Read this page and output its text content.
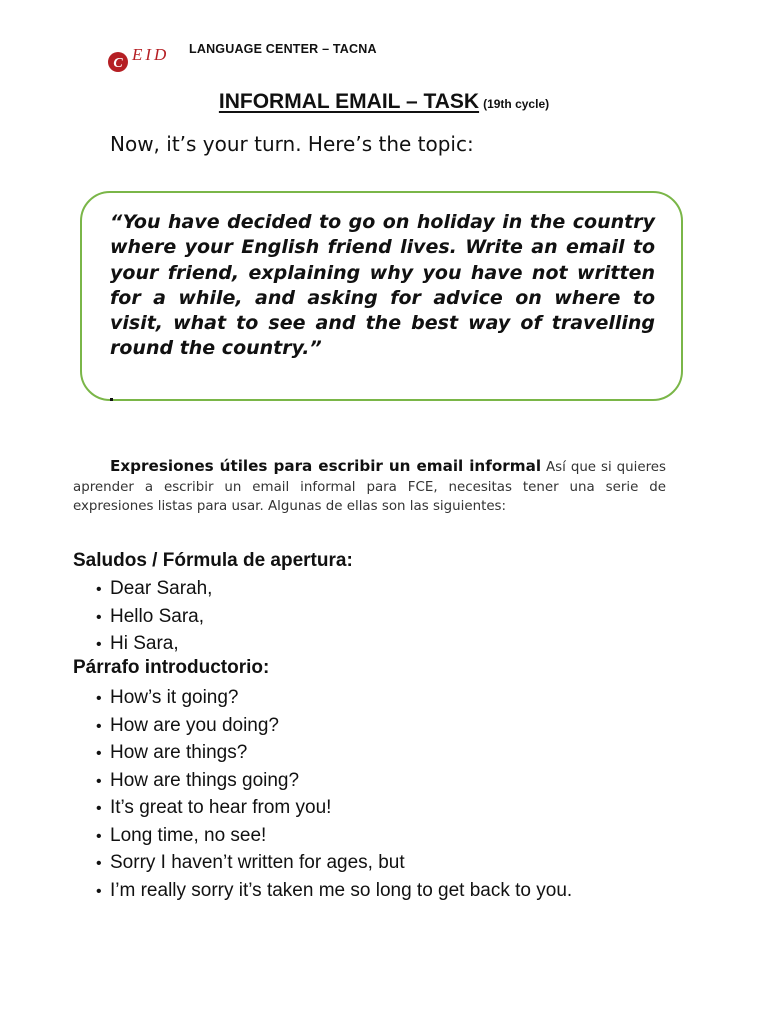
C EID LANGUAGE CENTER – TACNA
INFORMAL EMAIL – TASK (19th cycle)
Now, it’s your turn. Here’s the topic:
“You have decided to go on holiday in the country where your English friend lives. Write an email to your friend, explaining why you have not written for a while, and asking for advice on where to visit, what to see and the best way of travelling round the country.”
Expresiones útiles para escribir un email informal Así que si quieres aprender a escribir un email informal para FCE, necesitas tener una serie de expresiones listas para usar. Algunas de ellas son las siguientes:
Saludos / Fórmula de apertura:
• Dear Sarah,
• Hello Sara,
• Hi Sara,
Párrafo introductorio:
• How’s it going?
• How are you doing?
• How are things?
• How are things going?
• It’s great to hear from you!
• Long time, no see!
• Sorry I haven’t written for ages, but
• I’m really sorry it’s taken me so long to get back to you.
